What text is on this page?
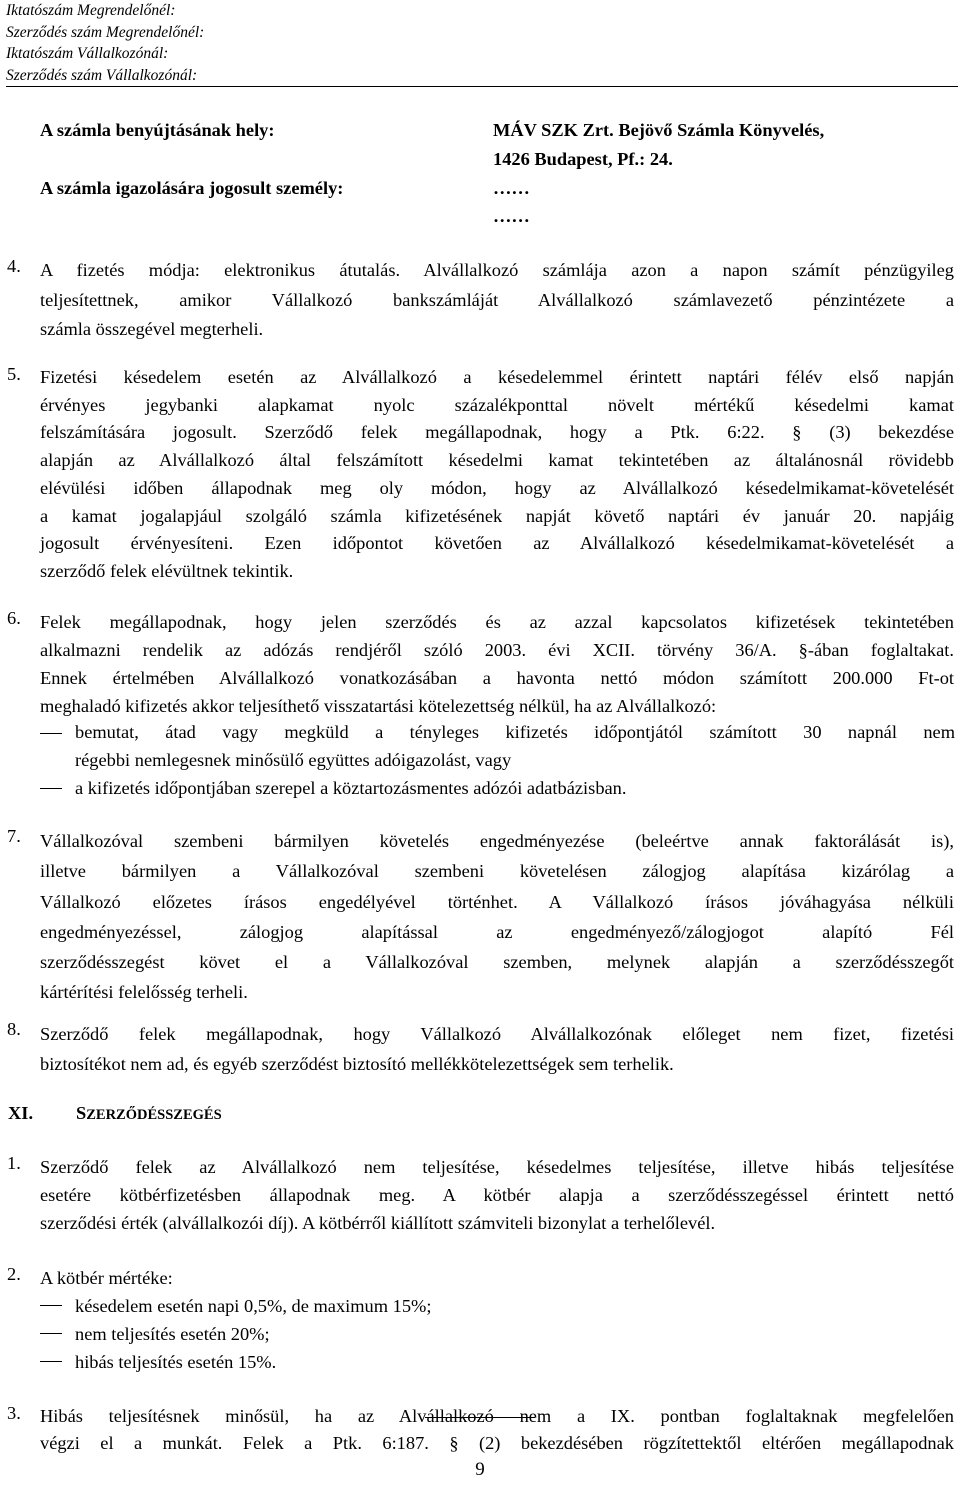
Iktatószám Megrendelőnél:
Szerződés szám Megrendelőnél:
Iktatószám Vállalkozónál:
Szerződés szám Vállalkozónál:
A számla benyújtásának hely:	MÁV SZK Zrt. Bejövő Számla Könyvelés,
1426 Budapest, Pf.: 24.
A számla igazolására jogosult személy:	……
……
4. A fizetés módja: elektronikus átutalás. Alvállalkozó számlája azon a napon számít pénzügyileg
teljesítettnek, amikor Vállalkozó bankszámláját Alvállalkozó számlavezető pénzintézete a
számla összegével megterheli.
5. Fizetési késedelem esetén az Alvállalkozó a késedelemmel érintett naptári félév első napján
érvényes jegybanki alapkamat nyolc százalékponttal növelt mértékű késedelmi kamat
felszámítására jogosult. Szerződő felek megállapodnak, hogy a Ptk. 6:22. § (3) bekezdése
alapján az Alvállalkozó által felszámított késedelmi kamat tekintetében az általánosnál rövidebb
elévülési időben állapodnak meg oly módon, hogy az Alvállalkozó késedelmikamat-követelését
a kamat jogalapjául szolgáló számla kifizetésének napját követő naptári év január 20. napjáig
jogosult érvényesíteni. Ezen időpontot követően az Alvállalkozó késedelmikamat-követelését a
szerződő felek elévültnek tekintik.
6. Felek megállapodnak, hogy jelen szerződés és az azzal kapcsolatos kifizetések tekintetében
alkalmazni rendelik az adózás rendjéről szóló 2003. évi XCII. törvény 36/A. §-ában foglaltakat.
Ennek értelmében Alvállalkozó vonatkozásában a havonta nettó módon számított 200.000 Ft-ot
meghaladó kifizetés akkor teljesíthető visszatartási kötelezettség nélkül, ha az Alvállalkozó:
bemutat, átad vagy megküld a tényleges kifizetés időpontjától számított 30 napnál nem
régebbi nemlegesnek minősülő együttes adóigazolást, vagy
a kifizetés időpontjában szerepel a köztartozásmentes adózói adatbázisban.
7. Vállalkozóval szembeni bármilyen követelés engedményezése (beleértve annak faktorálását is),
illetve bármilyen a Vállalkozóval szembeni követelésen zálogjog alapítása kizárólag a
Vállalkozó előzetes írásos engedélyével történhet. A Vállalkozó írásos jóváhagyása nélküli
engedményezéssel, zálogjog alapítással az engedményező/zálogjogot alapító Fél
szerződésszegést követ el a Vállalkozóval szemben, melynek alapján a szerződésszegőt
kártérítési felelősség terheli.
8. Szerződő felek megállapodnak, hogy Vállalkozó Alvállalkozónak előleget nem fizet, fizetési
biztosítékot nem ad, és egyéb szerződést biztosító mellékkötelezettségek sem terhelik.
XI. SZERZŐDÉSSZEGÉS
1. Szerződő felek az Alvállalkozó nem teljesítése, késedelmes teljesítése, illetve hibás teljesítése
esetére kötbérfizetésben állapodnak meg. A kötbér alapja a szerződésszegéssel érintett nettó
szerződési érték (alvállalkozói díj). A kötbérről kiállított számviteli bizonylat a terhelőlevél.
2. A kötbér mértéke:
késedelem esetén napi 0,5%, de maximum 15%;
nem teljesítés esetén 20%;
hibás teljesítés esetén 15%.
3. Hibás teljesítésnek minősül, ha az Alvállalkozó nem a IX. pontban foglaltaknak megfelelően
végzi el a munkát. Felek a Ptk. 6:187. § (2) bekezdésében rögzítettektől eltérően megállapodnak
9
